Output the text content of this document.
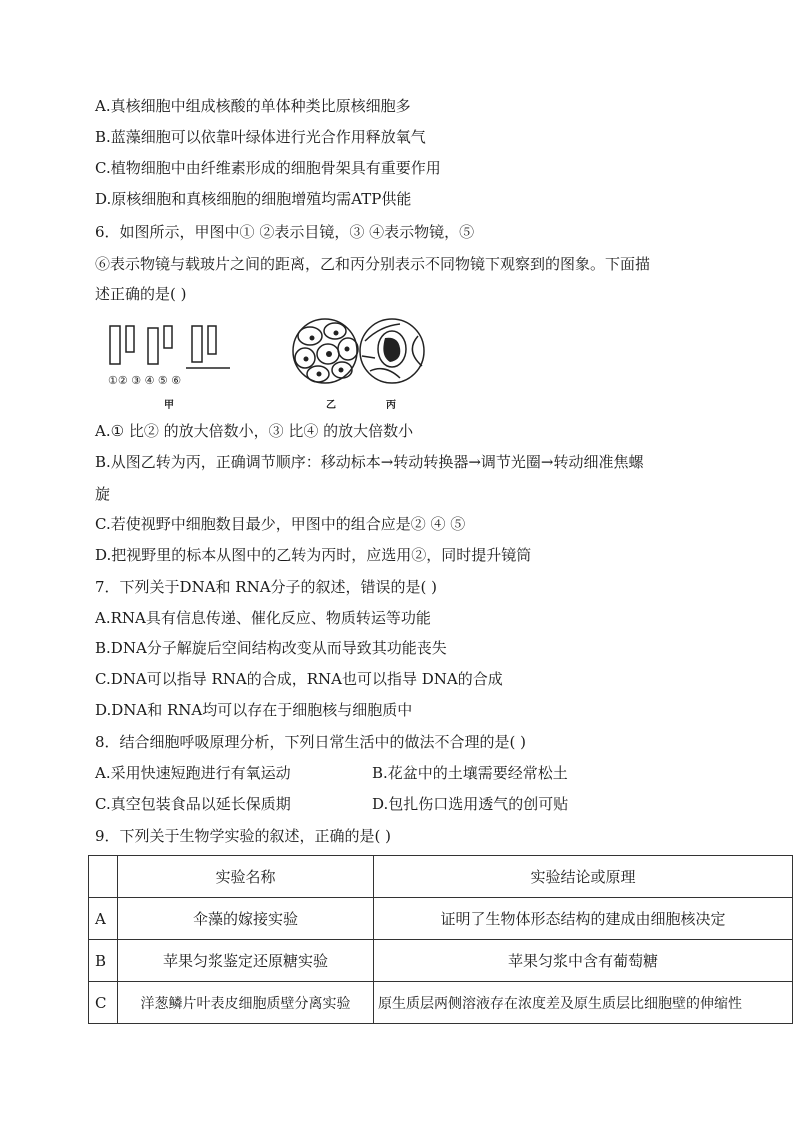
A.真核细胞中组成核酸的单体种类比原核细胞多
B.蓝藻细胞可以依靠叶绿体进行光合作用释放氧气
C.植物细胞中由纤维素形成的细胞骨架具有重要作用
D.原核细胞和真核细胞的细胞增殖均需ATP供能
6．如图所示，甲图中① ②表示目镜，③ ④表示物镜，⑤
⑥表示物镜与载玻片之间的距离，乙和丙分别表示不同物镜下观察到的图象。下面描
述正确的是( )
①② ③ ④ ⑤ ⑥
甲	乙	丙
A.① 比② 的放大倍数小，③ 比④ 的放大倍数小
B.从图乙转为丙，正确调节顺序：移动标本→转动转换器→调节光圈→转动细准焦螺
旋
C.若使视野中细胞数目最少，甲图中的组合应是② ④ ⑤
D.把视野里的标本从图中的乙转为丙时，应选用②，同时提升镜筒
7．下列关于DNA和 RNA分子的叙述，错误的是( )
A.RNA具有信息传递、催化反应、物质转运等功能
B.DNA分子解旋后空间结构改变从而导致其功能丧失
C.DNA可以指导 RNA的合成，RNA也可以指导 DNA的合成
D.DNA和 RNA均可以存在于细胞核与细胞质中
8．结合细胞呼吸原理分析，下列日常生活中的做法不合理的是( )
A.采用快速短跑进行有氧运动	B.花盆中的土壤需要经常松土
C.真空包装食品以延长保质期	D.包扎伤口选用透气的创可贴
9．下列关于生物学实验的叙述，正确的是( )
	实验名称	实验结论或原理
A	伞藻的嫁接实验	证明了生物体形态结构的建成由细胞核决定
B	苹果匀浆鉴定还原糖实验	苹果匀浆中含有葡萄糖
C	洋葱鳞片叶表皮细胞质壁分离实验	原生质层两侧溶液存在浓度差及原生质层比细胞壁的伸缩性
